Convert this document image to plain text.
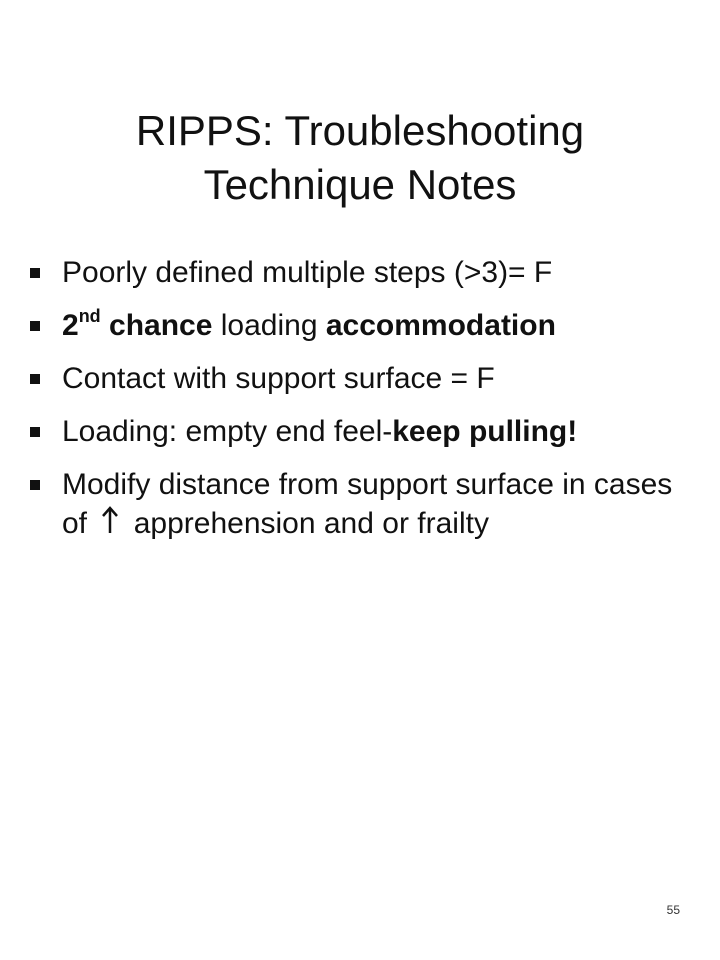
RIPPS: Troubleshooting
Technique Notes
Poorly defined multiple steps (>3)= F
2nd chance loading accommodation
Contact with support surface = F
Loading: empty end feel-keep pulling!
Modify distance from support surface in cases of apprehension and or frailty
55
